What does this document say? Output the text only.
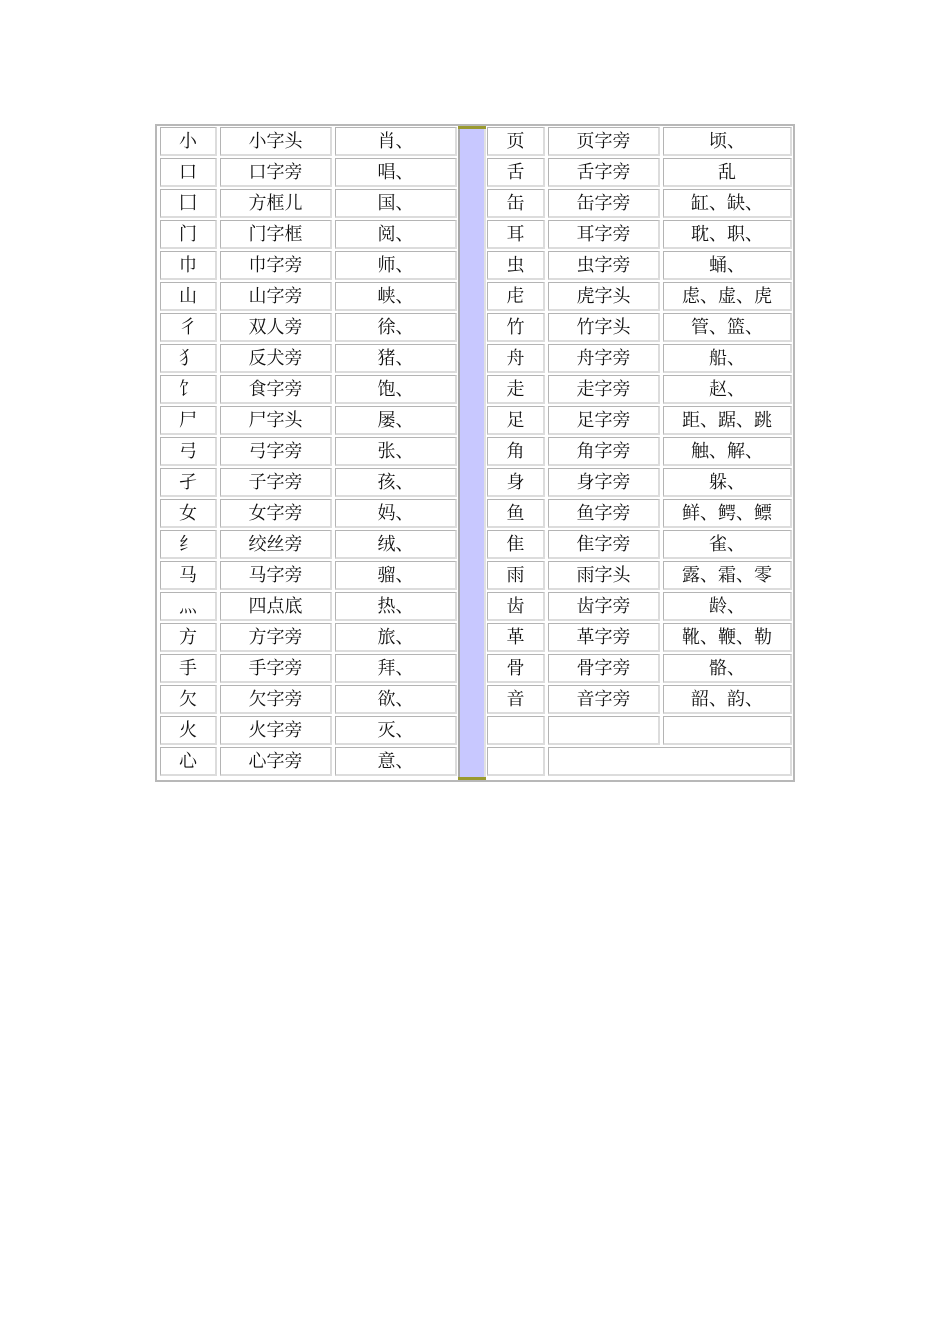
小	小字头	肖、
口	口字旁	唱、
囗	方框儿	国、
门	门字框	阅、
巾	巾字旁	师、
山	山字旁	峡、
彳	双人旁	徐、
犭	反犬旁	猪、
饣	食字旁	饱、
尸	尸字头	屡、
弓	弓字旁	张、
孑	子字旁	孩、
女	女字旁	妈、
纟	绞丝旁	绒、
马	马字旁	骝、
灬	四点底	热、
方	方字旁	旅、
手	手字旁	拜、
欠	欠字旁	欲、
火	火字旁	灭、
心	心字旁	意、
页	页字旁	顷、
舌	舌字旁	乱
缶	缶字旁	缸、缺、
耳	耳字旁	耽、职、
虫	虫字旁	蛹、
虍	虎字头	虑、虚、虎
竹	竹字头	管、篮、
舟	舟字旁	船、
走	走字旁	赵、
足	足字旁	距、踞、跳
角	角字旁	触、解、
身	身字旁	躲、
鱼	鱼字旁	鲜、鳄、鳔
隹	隹字旁	雀、
雨	雨字头	露、霜、零
齿	齿字旁	龄、
革	革字旁	靴、鞭、勒
骨	骨字旁	骼、
音	音字旁	韶、韵、
